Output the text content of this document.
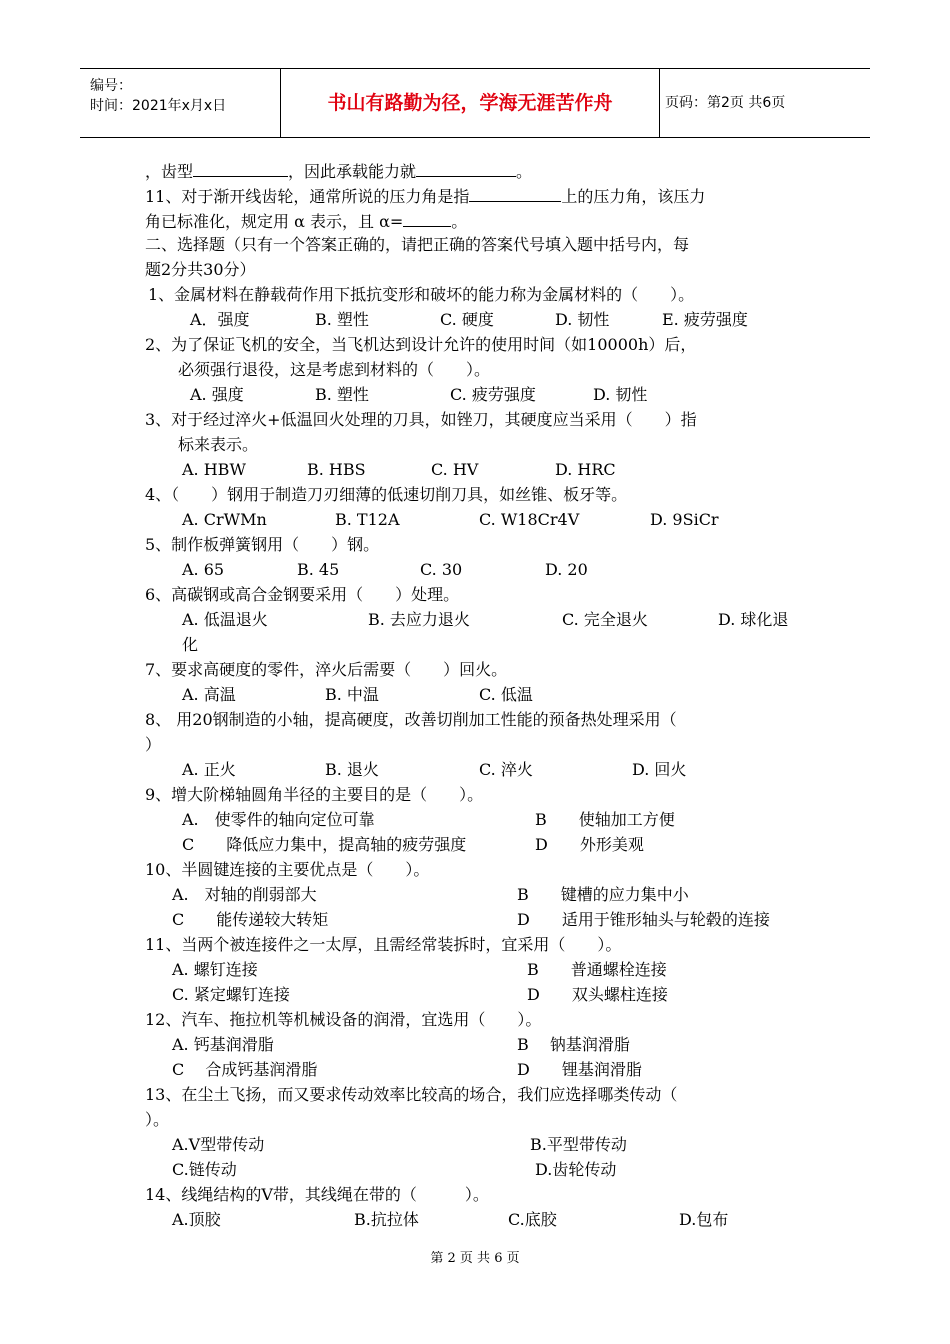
编号：
时间：2021年x月x日	书山有路勤为径，学海无涯苦作舟	页码：第2页 共6页
，齿型	，因此承载能力就	。
11、对于渐开线齿轮，通常所说的压力角是指	上的压力角，该压力
角已标准化，规定用 α 表示，且 α=	。
二、选择题（只有一个答案正确的，请把正确的答案代号填入题中括号内，每
题2分共30分）
1、金属材料在静载荷作用下抵抗变形和破坏的能力称为金属材料的（　　）。
A．强度	B. 塑性	C. 硬度	D. 韧性	E. 疲劳强度
2、为了保证飞机的安全，当飞机达到设计允许的使用时间（如10000h）后，
必须强行退役，这是考虑到材料的（　　）。
A. 强度	B. 塑性	C. 疲劳强度	D. 韧性
3、对于经过淬火+低温回火处理的刀具，如锉刀，其硬度应当采用（　　）指
标来表示。
A. HBW	B. HBS	C. HV	D. HRC
4、（　　）钢用于制造刀刃细薄的低速切削刀具，如丝锥、板牙等。
A. CrWMn	B. T12A	C. W18Cr4V	D. 9SiCr
5、制作板弹簧钢用（　　）钢。
A. 65	B. 45	C. 30	D. 20
6、高碳钢或高合金钢要采用（　　）处理。
A. 低温退火	B. 去应力退火	C. 完全退火	D. 球化退
化
7、要求高硬度的零件，淬火后需要（　　）回火。
A. 高温	B. 中温	C. 低温
8、 用20钢制造的小轴，提高硬度，改善切削加工性能的预备热处理采用（
）
A. 正火	B. 退火	C. 淬火	D. 回火
9、增大阶梯轴圆角半径的主要目的是（　　）。
A.　使零件的轴向定位可靠	B　　使轴加工方便
C　　降低应力集中，提高轴的疲劳强度	D　　外形美观
10、半圆键连接的主要优点是（　　）。
A.　对轴的削弱部大	B　　键槽的应力集中小
C　　能传递较大转矩	D　　适用于锥形轴头与轮毂的连接
11、当两个被连接件之一太厚，且需经常装拆时，宜采用（　　）。
A. 螺钉连接	B　　普通螺栓连接
C. 紧定螺钉连接	D　　双头螺柱连接
12、汽车、拖拉机等机械设备的润滑，宜选用（　　）。
A. 钙基润滑脂	B　 钠基润滑脂
C　 合成钙基润滑脂	D　　锂基润滑脂
13、在尘土飞扬，而又要求传动效率比较高的场合，我们应选择哪类传动（
）。
A.V型带传动	B.平型带传动
C.链传动	D.齿轮传动
14、线绳结构的V带，其线绳在带的（　　　）。
A.顶胶	B.抗拉体	C.底胶	D.包布
第 2 页 共 6 页
